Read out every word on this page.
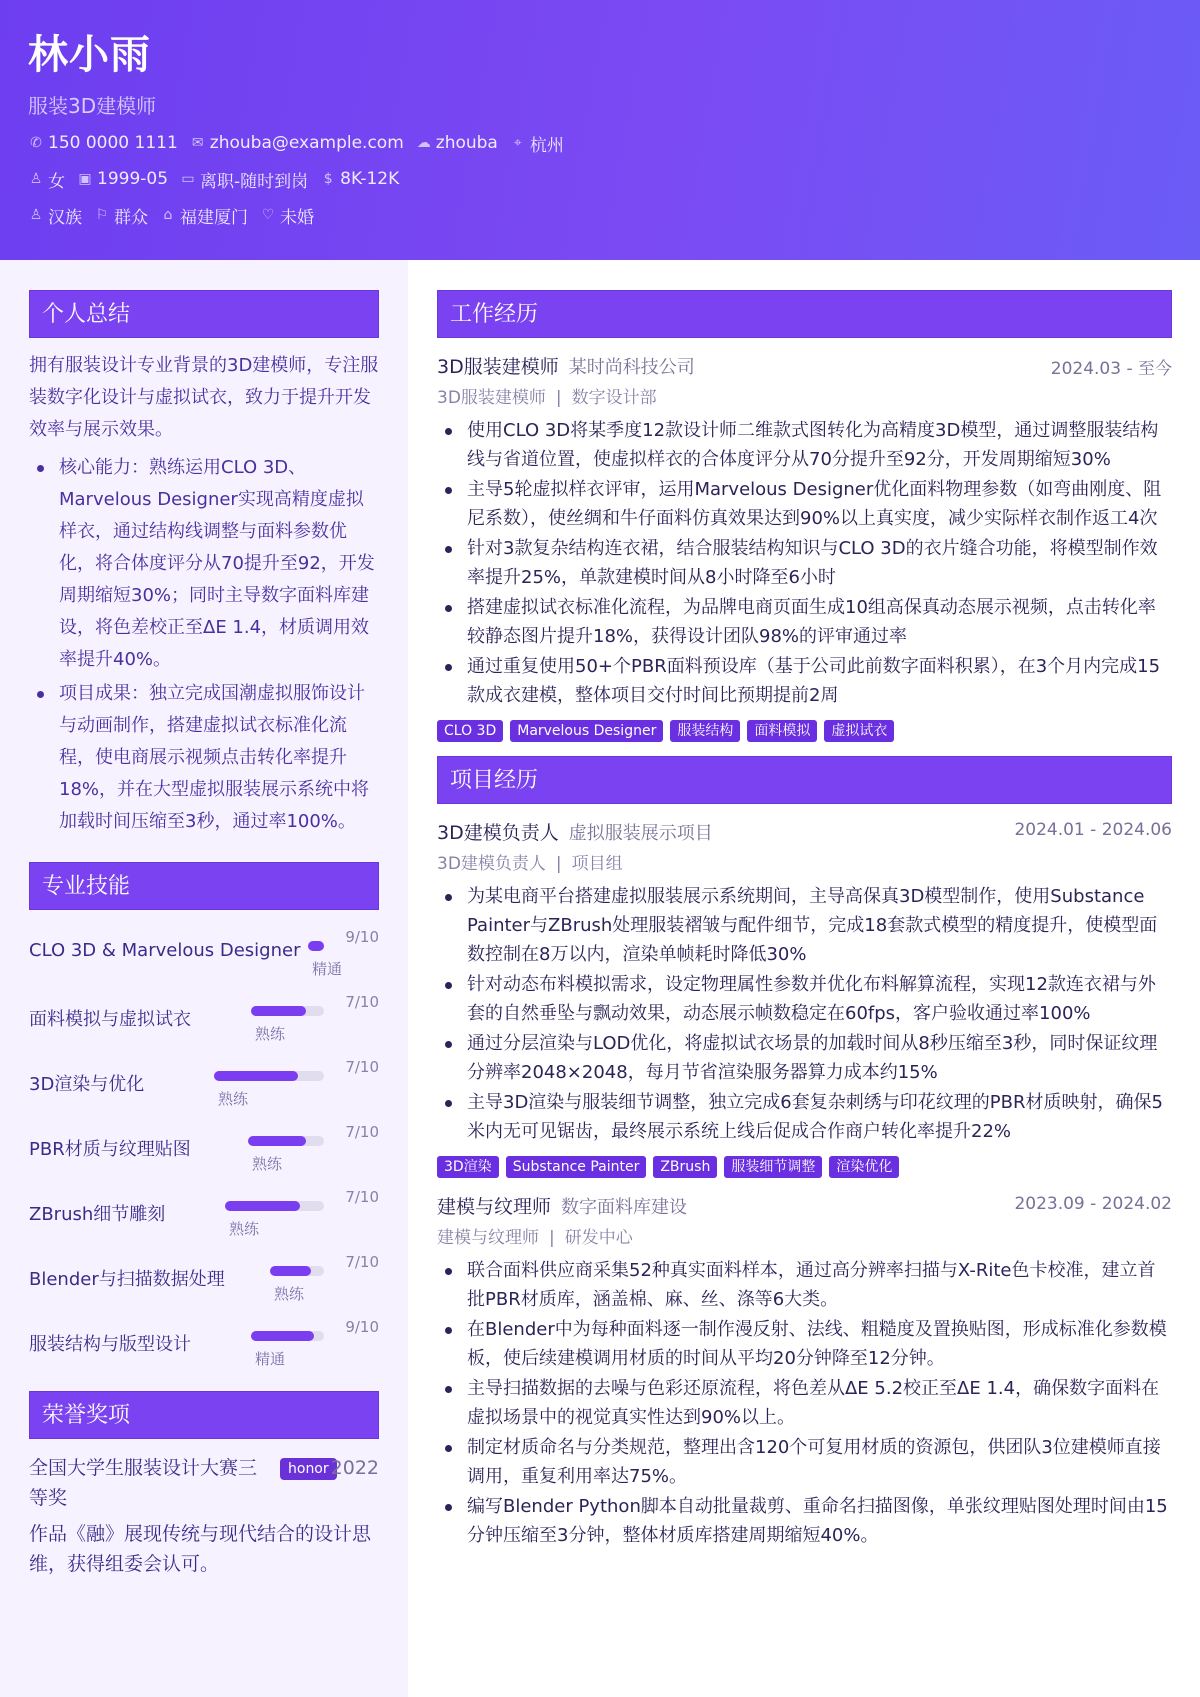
林小雨
服装3D建模师
✆ 150 0000 1111 ✉ zhouba@example.com ☁ zhouba ⌖ 杭州
♙ 女 ▣ 1999-05 ▭ 离职-随时到岗 $ 8K-12K
♙ 汉族 ⚐ 群众 ⌂ 福建厦门 ♡ 未婚
个人总结
拥有服装设计专业背景的3D建模师，专注服装数字化设计与虚拟试衣，致力于提升开发效率与展示效果。
核心能力：熟练运用CLO 3D、Marvelous Designer实现高精度虚拟样衣，通过结构线调整与面料参数优化，将合体度评分从70提升至92，开发周期缩短30%；同时主导数字面料库建设，将色差校正至ΔE 1.4，材质调用效率提升40%。
项目成果：独立完成国潮虚拟服饰设计与动画制作，搭建虚拟试衣标准化流程，使电商展示视频点击转化率提升18%，并在大型虚拟服装展示系统中将加载时间压缩至3秒，通过率100%。
专业技能
CLO 3D & Marvelous Designer
9/10
精通
面料模拟与虚拟试衣
7/10
熟练
3D渲染与优化
7/10
熟练
PBR材质与纹理贴图
7/10
熟练
ZBrush细节雕刻
7/10
熟练
Blender与扫描数据处理
7/10
熟练
服装结构与版型设计
9/10
精通
荣誉奖项
全国大学生服装设计大赛三等奖
honor 2022
作品《融》展现传统与现代结合的设计思维，获得组委会认可。
工作经历
3D服装建模师 某时尚科技公司	2024.03 - 至今
3D服装建模师 | 数字设计部
使用CLO 3D将某季度12款设计师二维款式图转化为高精度3D模型，通过调整服装结构线与省道位置，使虚拟样衣的合体度评分从70分提升至92分，开发周期缩短30%
主导5轮虚拟样衣评审，运用Marvelous Designer优化面料物理参数（如弯曲刚度、阻尼系数），使丝绸和牛仔面料仿真效果达到90%以上真实度，减少实际样衣制作返工4次
针对3款复杂结构连衣裙，结合服装结构知识与CLO 3D的衣片缝合功能，将模型制作效率提升25%，单款建模时间从8小时降至6小时
搭建虚拟试衣标准化流程，为品牌电商页面生成10组高保真动态展示视频，点击转化率较静态图片提升18%，获得设计团队98%的评审通过率
通过重复使用50+个PBR面料预设库（基于公司此前数字面料积累），在3个月内完成15款成衣建模，整体项目交付时间比预期提前2周
CLO 3D	Marvelous Designer	服装结构	面料模拟	虚拟试衣
项目经历
3D建模负责人 虚拟服装展示项目	2024.01 - 2024.06
3D建模负责人 | 项目组
为某电商平台搭建虚拟服装展示系统期间，主导高保真3D模型制作，使用Substance Painter与ZBrush处理服装褶皱与配件细节，完成18套款式模型的精度提升，使模型面数控制在8万以内，渲染单帧耗时降低30%
针对动态布料模拟需求，设定物理属性参数并优化布料解算流程，实现12款连衣裙与外套的自然垂坠与飘动效果，动态展示帧数稳定在60fps，客户验收通过率100%
通过分层渲染与LOD优化，将虚拟试衣场景的加载时间从8秒压缩至3秒，同时保证纹理分辨率2048×2048，每月节省渲染服务器算力成本约15%
主导3D渲染与服装细节调整，独立完成6套复杂刺绣与印花纹理的PBR材质映射，确保5米内无可见锯齿，最终展示系统上线后促成合作商户转化率提升22%
3D渲染	Substance Painter	ZBrush	服装细节调整	渲染优化
建模与纹理师 数字面料库建设	2023.09 - 2024.02
建模与纹理师 | 研发中心
联合面料供应商采集52种真实面料样本，通过高分辨率扫描与X-Rite色卡校准，建立首批PBR材质库，涵盖棉、麻、丝、涤等6大类。
在Blender中为每种面料逐一制作漫反射、法线、粗糙度及置换贴图，形成标准化参数模板，使后续建模调用材质的时间从平均20分钟降至12分钟。
主导扫描数据的去噪与色彩还原流程，将色差从ΔE 5.2校正至ΔE 1.4，确保数字面料在虚拟场景中的视觉真实性达到90%以上。
制定材质命名与分类规范，整理出含120个可复用材质的资源包，供团队3位建模师直接调用，重复利用率达75%。
编写Blender Python脚本自动批量裁剪、重命名扫描图像，单张纹理贴图处理时间由15分钟压缩至3分钟，整体材质库搭建周期缩短40%。
